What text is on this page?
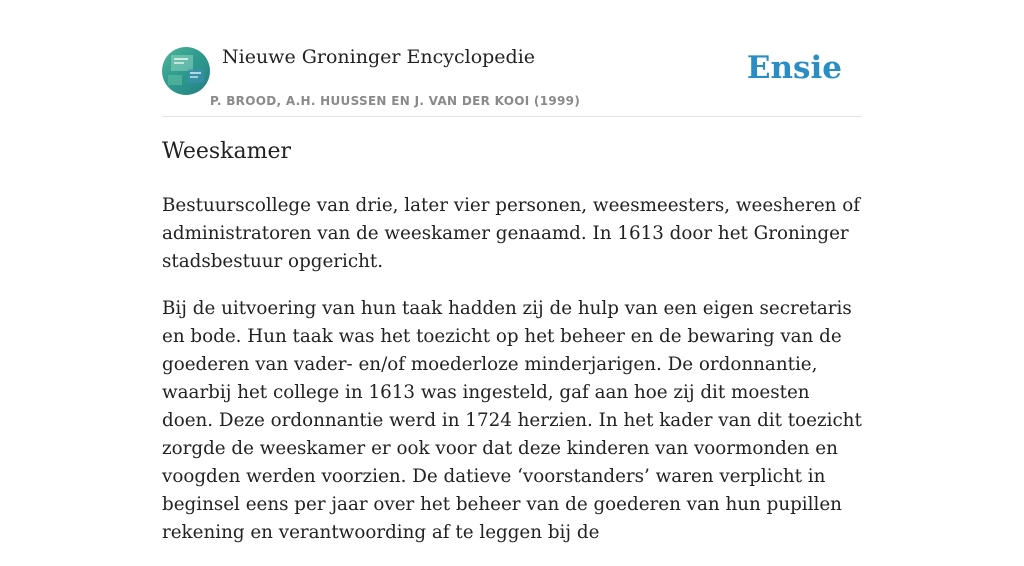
Nieuwe Groninger Encyclopedie
P. BROOD, A.H. HUUSSEN EN J. VAN DER KOOI (1999)
Ensie
Weeskamer

Bestuurscollege van drie, later vier personen, weesmeesters, weesheren of administratoren van de weeskamer genaamd. In 1613 door het Groninger stadsbestuur opgericht.

Bij de uitvoering van hun taak hadden zij de hulp van een eigen secretaris en bode. Hun taak was het toezicht op het beheer en de bewaring van de goederen van vader- en/of moederloze minderjarigen. De ordonnantie, waarbij het college in 1613 was ingesteld, gaf aan hoe zij dit moesten doen. Deze ordonnantie werd in 1724 herzien. In het kader van dit toezicht zorgde de weeskamer er ook voor dat deze kinderen van voormonden en voogden werden voorzien. De datieve ‘voorstanders’ waren verplicht in beginsel eens per jaar over het beheer van de goederen van hun pupillen rekening en verantwoording af te leggen bij de
